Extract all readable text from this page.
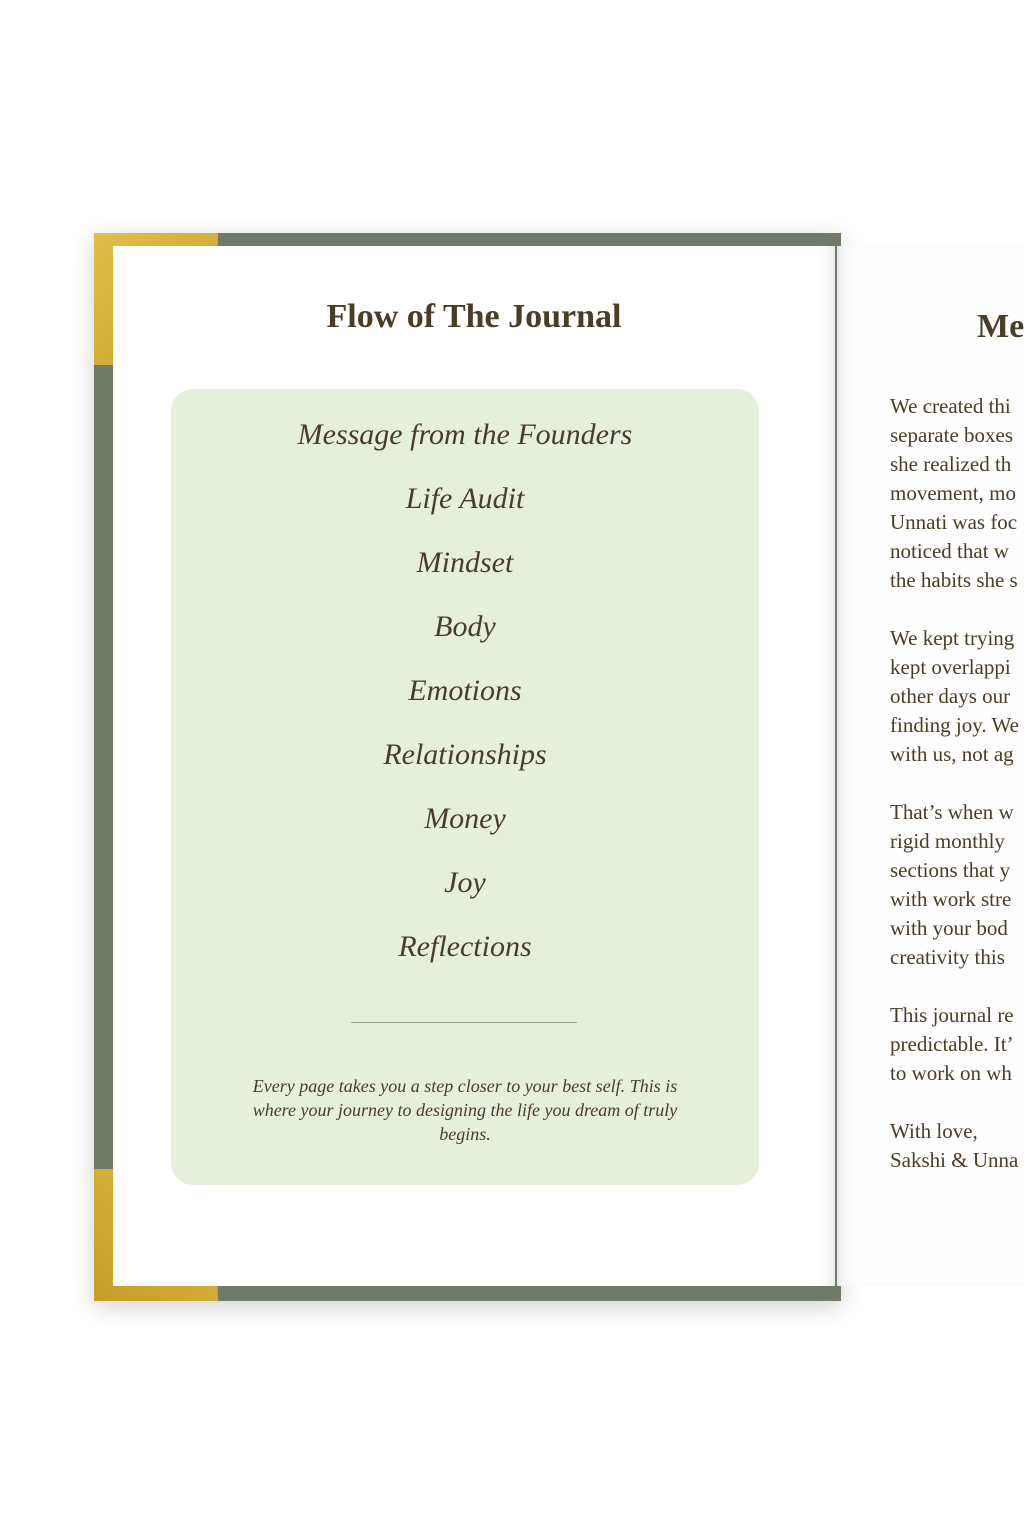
Flow of The Journal
Message from the Founders
Life Audit
Mindset
Body
Emotions
Relationships
Money
Joy
Reflections

Every page takes you a step closer to your best self. This is where your journey to designing the life you dream of truly begins.

Me

We created thi
separate boxes
she realized th
movement, mo
Unnati was foc
noticed that w
the habits she s

We kept trying
kept overlappi
other days our
finding joy. We
with us, not ag

That’s when w
rigid monthly
sections that y
with work stre
with your bod
creativity this

This journal re
predictable. It’
to work on wh

With love,
Sakshi & Unna
